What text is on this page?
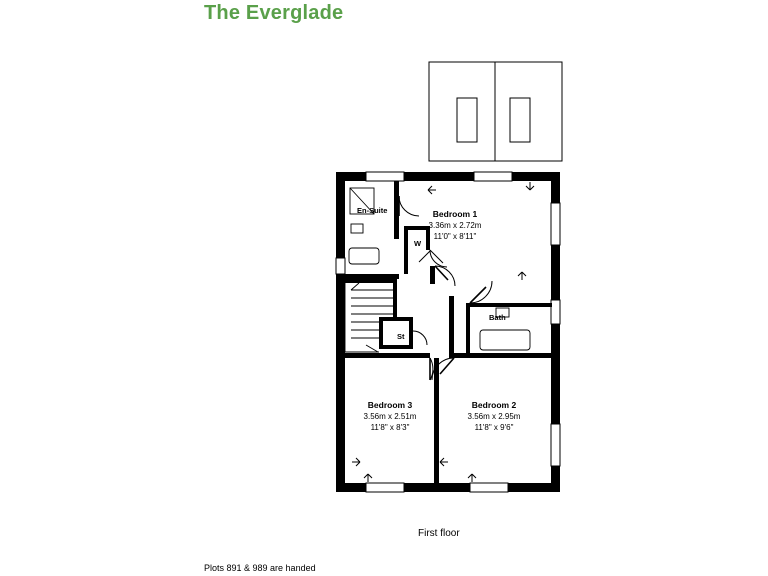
The Everglade
Bedroom 1
3.36m x 2.72m
11'0" x 8'11"
Bedroom 2
3.56m x 2.95m
11'8" x 9'6"
Bedroom 3
3.56m x 2.51m
11'8" x 8'3"
En-Suite
Bath
W
St
First floor
Plots 891 & 989 are handed
